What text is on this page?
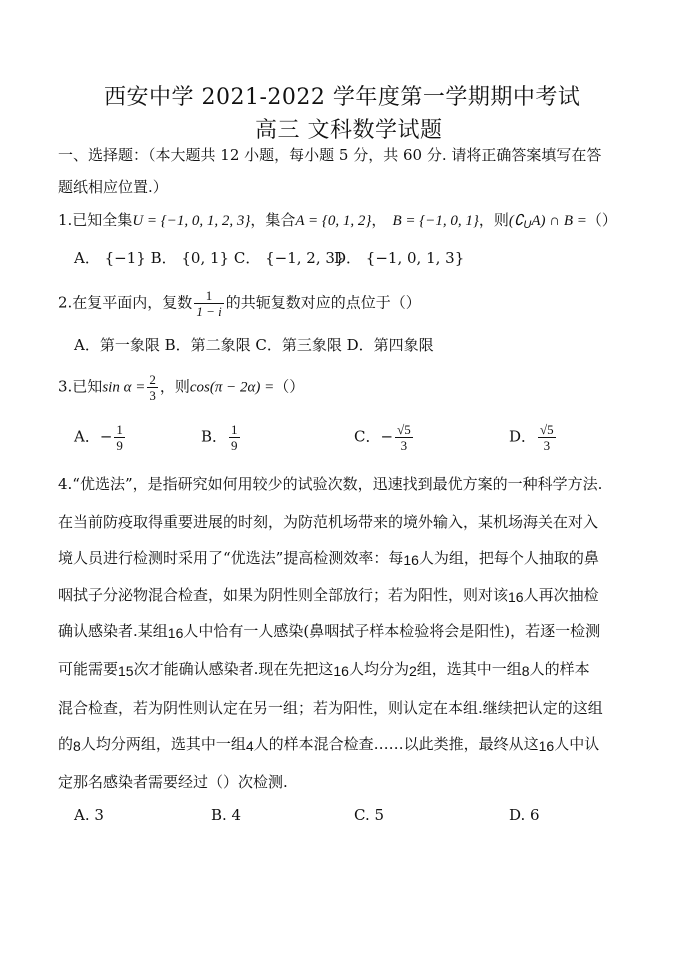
西安中学 2021-2022 学年度第一学期期中考试
高三 文科数学试题
一、选择题：（本大题共 12 小题，每小题 5 分，共 60 分. 请将正确答案填写在答
题纸相应位置.）
1.已知全集U = {−1, 0, 1, 2, 3}，集合A = {0, 1, 2}， B = {−1, 0, 1}，则$(∁_UA)$ ∩ B =（）
A． {−1} B． {0, 1} C． {−1, 2, 3}
D． {−1, 0, 1, 3}
2.在复平面内，复数 $\frac{1}{1 - i}$ 的共轭复数对应的点位于（）
A．第一象限 B．第二象限 C．第三象限 D．第四象限
3.已知$\sin \alpha = \frac{2}{3}$ ，则cos(π − 2α) =（）
A．− $\frac{1}{9}$	B． $\frac{1}{9}$	C．− $\frac{√5}{3}$	D． $\frac{√5}{3}$
4.“优选法”，是指研究如何用较少的试验次数，迅速找到最优方案的一种科学方法.
在当前防疫取得重要进展的时刻，为防范机场带来的境外输入，某机场海关在对入
境人员进行检测时采用了“优选法”提高检测效率：每16人为组，把每个人抽取的鼻
咽拭子分泌物混合检查，如果为阴性则全部放行；若为阳性，则对该16人再次抽检
确认感染者.某组16人中恰有一人感染(鼻咽拭子样本检验将会是阳性)，若逐一检测
可能需要15次才能确认感染者.现在先把这16人均分为2组，选其中一组8人的样本
混合检查，若为阴性则认定在另一组；若为阳性，则认定在本组.继续把认定的这组
的8人均分两组，选其中一组4人的样本混合检查……以此类推，最终从这16人中认
定那名感染者需要经过（）次检测.
A. 3	B. 4	C. 5	D. 6
